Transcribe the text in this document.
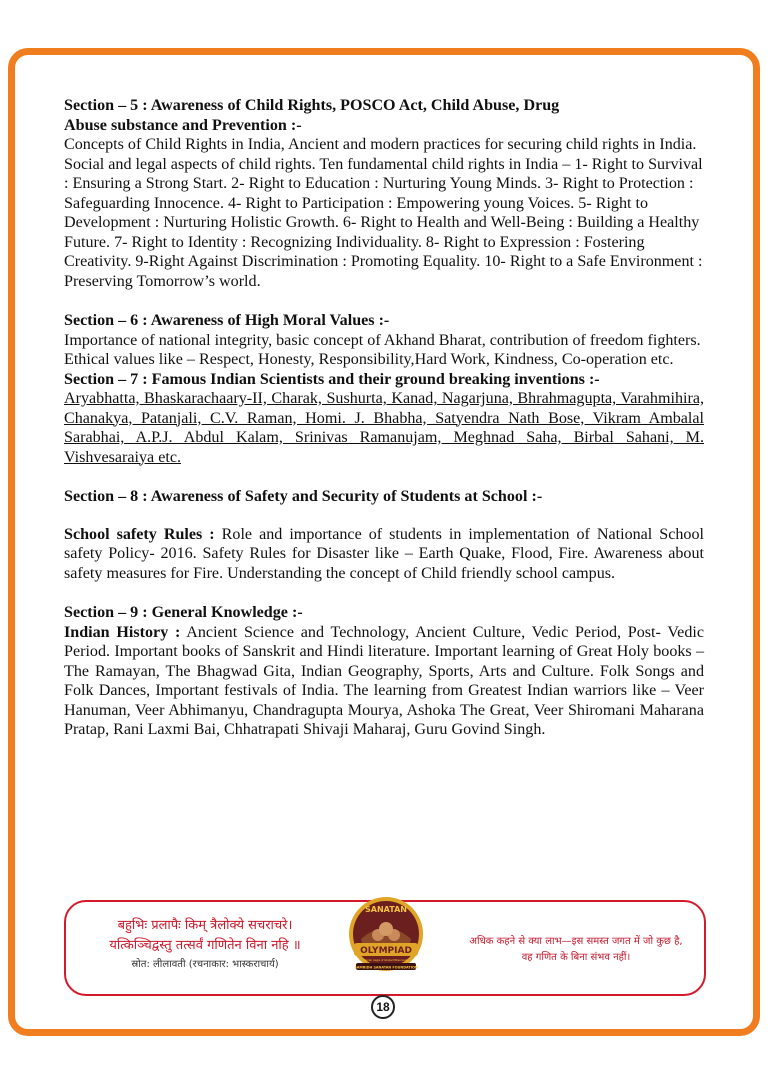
Section – 5 : Awareness of Child Rights, POSCO Act, Child Abuse, Drug

Abuse substance and Prevention :-

Concepts of Child Rights in India, Ancient and modern practices for securing child rights in India. Social and legal aspects of child rights. Ten fundamental child rights in India – 1- Right to Survival : Ensuring a Strong Start. 2- Right to Education : Nurturing Young Minds. 3- Right to Protection : Safeguarding Innocence. 4- Right to Participation : Empowering young Voices. 5- Right to Development : Nurturing Holistic Growth. 6- Right to Health and Well-Being : Building a Healthy Future. 7- Right to Identity : Recognizing Individuality. 8- Right to Expression : Fostering Creativity. 9-Right Against Discrimination : Promoting Equality. 10- Right to a Safe Environment : Preserving Tomorrow’s world.

Section – 6 : Awareness of High Moral Values :-

Importance of national integrity, basic concept of Akhand Bharat, contribution of freedom fighters. Ethical values like – Respect, Honesty, Responsibility,Hard Work, Kindness, Co-operation etc.

Section – 7 : Famous Indian Scientists and their ground breaking inventions :-

Aryabhatta, Bhaskarachaary-II, Charak, Sushurta, Kanad, Nagarjuna, Bhrahmagupta, Varahmihira, Chanakya, Patanjali, C.V. Raman, Homi. J. Bhabha, Satyendra Nath Bose, Vikram Ambalal Sarabhai, A.P.J. Abdul Kalam, Srinivas Ramanujam, Meghnad Saha, Birbal Sahani, M. Vishvesaraiya etc.

Section – 8 : Awareness of Safety and Security of Students at School :-

School safety Rules : Role and importance of students in implementation of National School safety Policy- 2016. Safety Rules for Disaster like – Earth Quake, Flood, Fire. Awareness about safety measures for Fire. Understanding the concept of Child friendly school campus.

Section – 9 : General Knowledge :-

Indian History : Ancient Science and Technology, Ancient Culture, Vedic Period, Post- Vedic Period. Important books of Sanskrit and Hindi literature. Important learning of Great Holy books – The Ramayan, The Bhagwad Gita, Indian Geography, Sports, Arts and Culture. Folk Songs and Folk Dances, Important festivals of India. The learning from Greatest Indian warriors like – Veer Hanuman, Veer Abhimanyu, Chandragupta Mourya, Ashoka The Great, Veer Shiromani Maharana Pratap, Rani Laxmi Bai, Chhatrapati Shivaji Maharaj, Guru Govind Singh.

बहुभिः प्रलापैः किम् त्रैलोक्ये सचराचरे।
यत्किञ्चिद्वस्तु तत्सर्वं गणितेन विना नहि ॥
स्रोत: लीलावती (रचनाकार: भास्कराचार्य)
अधिक कहने से क्या लाभ—इस समस्त जगत में जो कुछ है,
वह गणित के बिना संभव नहीं।
SANATAN
OLYMPIAD
Under Aegis of Global Millennium
SAMRIDH SANATAN FOUNDATION
18
